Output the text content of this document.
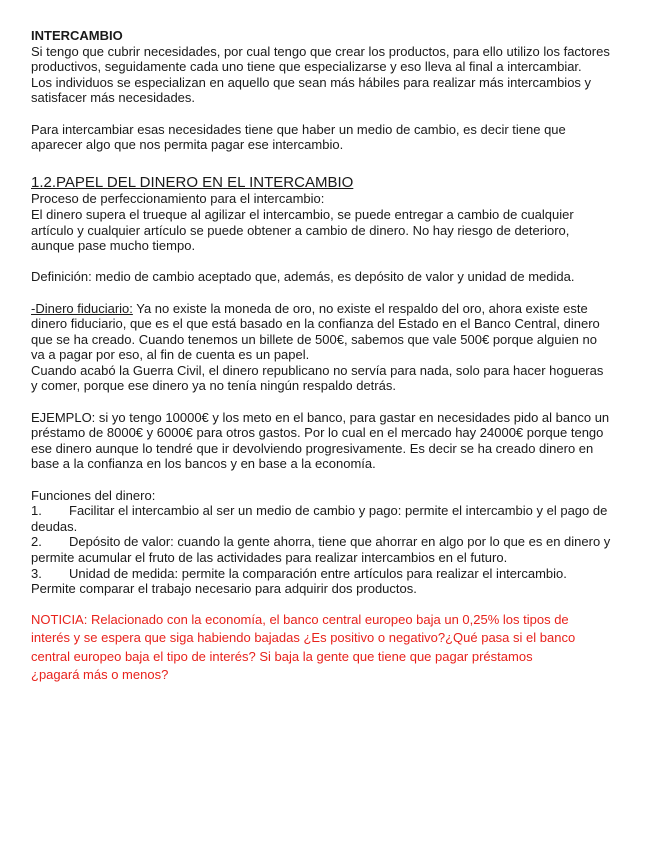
INTERCAMBIO

Si tengo que cubrir necesidades, por cual tengo que crear los productos, para ello utilizo los factores productivos, seguidamente cada uno tiene que especializarse y eso lleva al final a intercambiar.

Los individuos se especializan en aquello que sean más hábiles para realizar más intercambios y satisfacer más necesidades.

Para intercambiar esas necesidades tiene que haber un medio de cambio, es decir tiene que aparecer algo que nos permita pagar ese intercambio.

1.2.PAPEL DEL DINERO EN EL INTERCAMBIO

Proceso de perfeccionamiento para el intercambio:

El dinero supera el trueque al agilizar el intercambio, se puede entregar a cambio de cualquier artículo y cualquier artículo se puede obtener a cambio de dinero. No hay riesgo de deterioro, aunque pase mucho tiempo.

Definición: medio de cambio aceptado que, además, es depósito de valor y unidad de medida.

-Dinero fiduciario: Ya no existe la moneda de oro, no existe el respaldo del oro, ahora existe este dinero fiduciario, que es el que está basado en la confianza del Estado en el Banco Central, dinero que se ha creado. Cuando tenemos un billete de 500€, sabemos que vale 500€ porque alguien no va a pagar por eso, al fin de cuenta es un papel.

Cuando acabó la Guerra Civil, el dinero republicano no servía para nada, solo para hacer hogueras y comer, porque ese dinero ya no tenía ningún respaldo detrás.

EJEMPLO: si yo tengo 10000€ y los meto en el banco, para gastar en necesidades pido al banco un préstamo de 8000€ y 6000€ para otros gastos. Por lo cual en el mercado hay 24000€ porque tengo ese dinero aunque lo tendré que ir devolviendo progresivamente. Es decir se ha creado dinero en base a la confianza en los bancos y en base a la economía.

Funciones del dinero:

1. Facilitar el intercambio al ser un medio de cambio y pago: permite el intercambio y el pago de deudas.

2. Depósito de valor: cuando la gente ahorra, tiene que ahorrar en algo por lo que es en dinero y permite acumular el fruto de las actividades para realizar intercambios en el futuro.

3. Unidad de medida: permite la comparación entre artículos para realizar el intercambio. Permite comparar el trabajo necesario para adquirir dos productos.

NOTICIA: Relacionado con la economía, el banco central europeo baja un 0,25% los tipos de interés y se espera que siga habiendo bajadas ¿Es positivo o negativo?¿Qué pasa si el banco central europeo baja el tipo de interés? Si baja la gente que tiene que pagar préstamos

¿pagará más o menos?
